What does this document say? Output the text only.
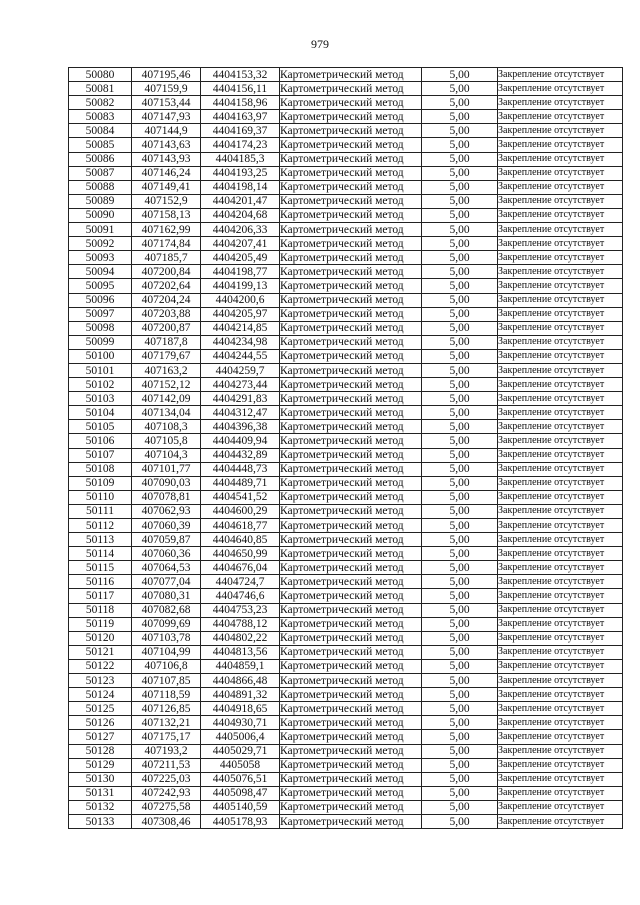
979
50080	407195,46	4404153,32	Картометрический метод	5,00	Закрепление отсутствует
50081	407159,9	4404156,11	Картометрический метод	5,00	Закрепление отсутствует
50082	407153,44	4404158,96	Картометрический метод	5,00	Закрепление отсутствует
50083	407147,93	4404163,97	Картометрический метод	5,00	Закрепление отсутствует
50084	407144,9	4404169,37	Картометрический метод	5,00	Закрепление отсутствует
50085	407143,63	4404174,23	Картометрический метод	5,00	Закрепление отсутствует
50086	407143,93	4404185,3	Картометрический метод	5,00	Закрепление отсутствует
50087	407146,24	4404193,25	Картометрический метод	5,00	Закрепление отсутствует
50088	407149,41	4404198,14	Картометрический метод	5,00	Закрепление отсутствует
50089	407152,9	4404201,47	Картометрический метод	5,00	Закрепление отсутствует
50090	407158,13	4404204,68	Картометрический метод	5,00	Закрепление отсутствует
50091	407162,99	4404206,33	Картометрический метод	5,00	Закрепление отсутствует
50092	407174,84	4404207,41	Картометрический метод	5,00	Закрепление отсутствует
50093	407185,7	4404205,49	Картометрический метод	5,00	Закрепление отсутствует
50094	407200,84	4404198,77	Картометрический метод	5,00	Закрепление отсутствует
50095	407202,64	4404199,13	Картометрический метод	5,00	Закрепление отсутствует
50096	407204,24	4404200,6	Картометрический метод	5,00	Закрепление отсутствует
50097	407203,88	4404205,97	Картометрический метод	5,00	Закрепление отсутствует
50098	407200,87	4404214,85	Картометрический метод	5,00	Закрепление отсутствует
50099	407187,8	4404234,98	Картометрический метод	5,00	Закрепление отсутствует
50100	407179,67	4404244,55	Картометрический метод	5,00	Закрепление отсутствует
50101	407163,2	4404259,7	Картометрический метод	5,00	Закрепление отсутствует
50102	407152,12	4404273,44	Картометрический метод	5,00	Закрепление отсутствует
50103	407142,09	4404291,83	Картометрический метод	5,00	Закрепление отсутствует
50104	407134,04	4404312,47	Картометрический метод	5,00	Закрепление отсутствует
50105	407108,3	4404396,38	Картометрический метод	5,00	Закрепление отсутствует
50106	407105,8	4404409,94	Картометрический метод	5,00	Закрепление отсутствует
50107	407104,3	4404432,89	Картометрический метод	5,00	Закрепление отсутствует
50108	407101,77	4404448,73	Картометрический метод	5,00	Закрепление отсутствует
50109	407090,03	4404489,71	Картометрический метод	5,00	Закрепление отсутствует
50110	407078,81	4404541,52	Картометрический метод	5,00	Закрепление отсутствует
50111	407062,93	4404600,29	Картометрический метод	5,00	Закрепление отсутствует
50112	407060,39	4404618,77	Картометрический метод	5,00	Закрепление отсутствует
50113	407059,87	4404640,85	Картометрический метод	5,00	Закрепление отсутствует
50114	407060,36	4404650,99	Картометрический метод	5,00	Закрепление отсутствует
50115	407064,53	4404676,04	Картометрический метод	5,00	Закрепление отсутствует
50116	407077,04	4404724,7	Картометрический метод	5,00	Закрепление отсутствует
50117	407080,31	4404746,6	Картометрический метод	5,00	Закрепление отсутствует
50118	407082,68	4404753,23	Картометрический метод	5,00	Закрепление отсутствует
50119	407099,69	4404788,12	Картометрический метод	5,00	Закрепление отсутствует
50120	407103,78	4404802,22	Картометрический метод	5,00	Закрепление отсутствует
50121	407104,99	4404813,56	Картометрический метод	5,00	Закрепление отсутствует
50122	407106,8	4404859,1	Картометрический метод	5,00	Закрепление отсутствует
50123	407107,85	4404866,48	Картометрический метод	5,00	Закрепление отсутствует
50124	407118,59	4404891,32	Картометрический метод	5,00	Закрепление отсутствует
50125	407126,85	4404918,65	Картометрический метод	5,00	Закрепление отсутствует
50126	407132,21	4404930,71	Картометрический метод	5,00	Закрепление отсутствует
50127	407175,17	4405006,4	Картометрический метод	5,00	Закрепление отсутствует
50128	407193,2	4405029,71	Картометрический метод	5,00	Закрепление отсутствует
50129	407211,53	4405058	Картометрический метод	5,00	Закрепление отсутствует
50130	407225,03	4405076,51	Картометрический метод	5,00	Закрепление отсутствует
50131	407242,93	4405098,47	Картометрический метод	5,00	Закрепление отсутствует
50132	407275,58	4405140,59	Картометрический метод	5,00	Закрепление отсутствует
50133	407308,46	4405178,93	Картометрический метод	5,00	Закрепление отсутствует
